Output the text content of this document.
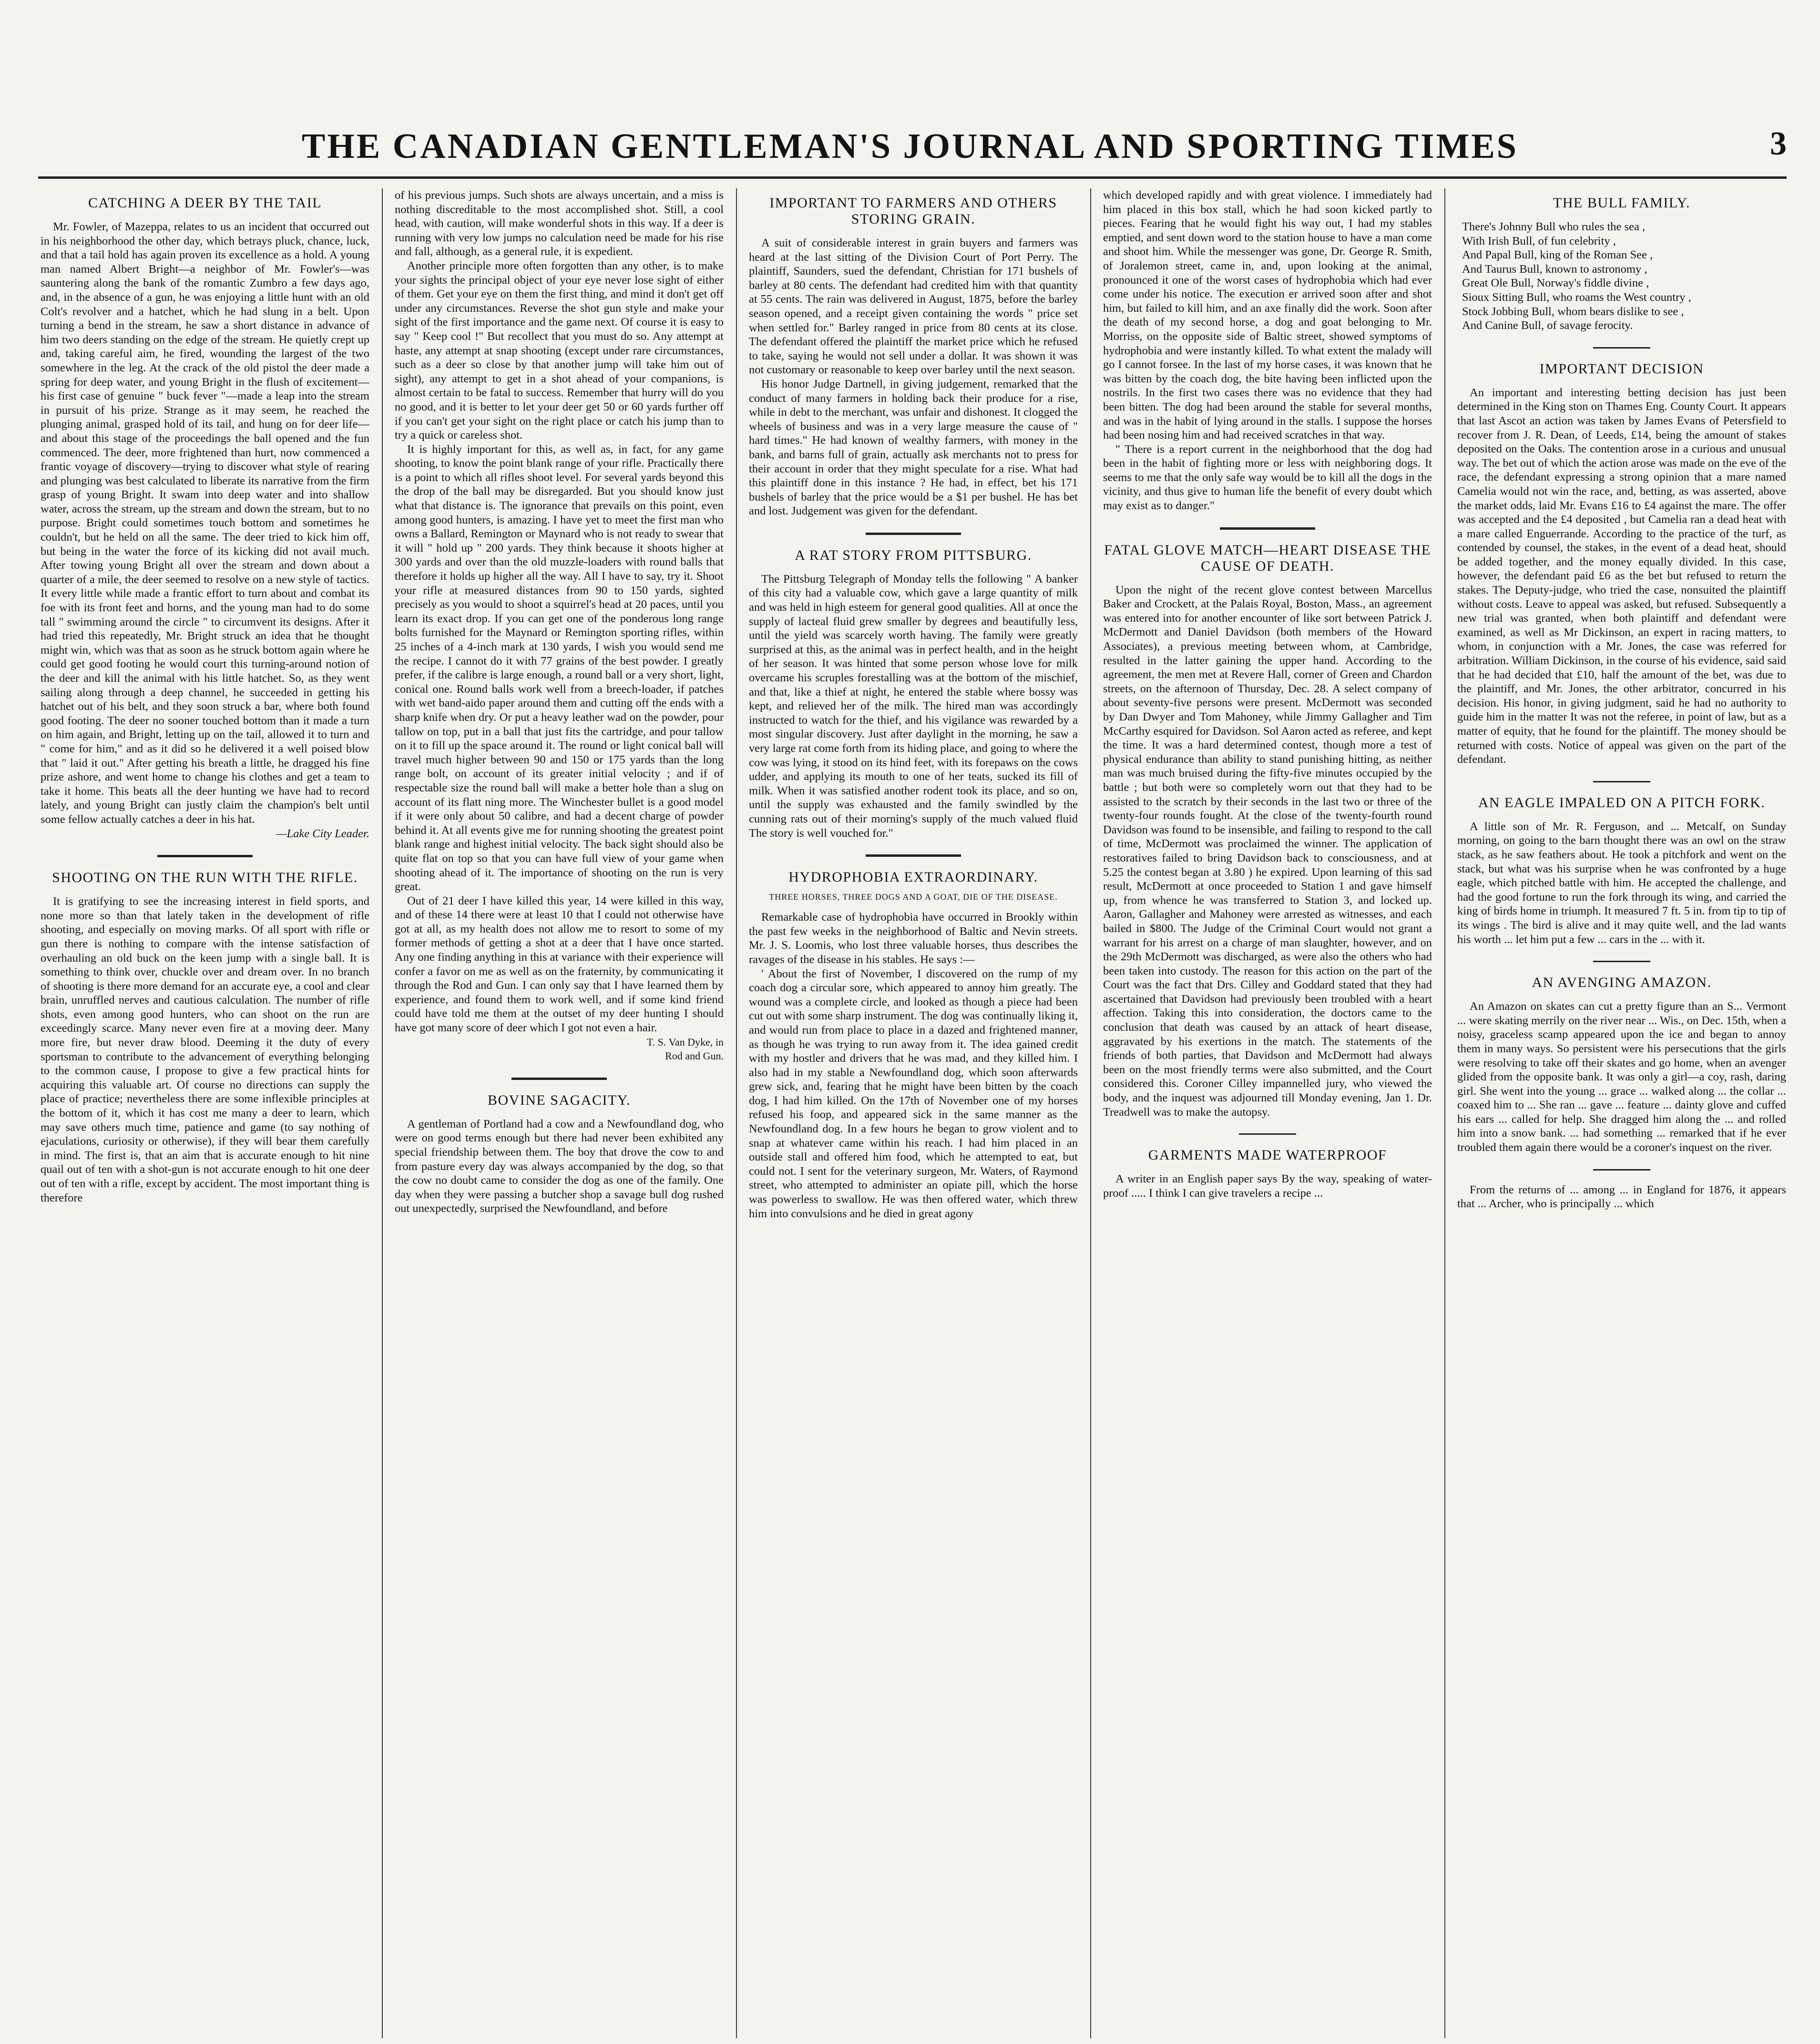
THE CANADIAN GENTLEMAN'S JOURNAL AND SPORTING TIMES	3
CATCHING A DEER BY THE TAIL

Mr. Fowler, of Mazeppa, relates to us an incident that occurred out in his neighborhood the other day, which betrays pluck, chance, luck, and that a tail hold has again proven its excellence as a hold. A young man named Albert Bright—a neighbor of Mr. Fowler's—was sauntering along the bank of the romantic Zumbro a few days ago, and, in the absence of a gun, he was enjoying a little hunt with an old Colt's revolver and a hatchet, which he had slung in a belt. Upon turning a bend in the stream, he saw a short distance in advance of him two deers standing on the edge of the stream. He quietly crept up and, taking careful aim, he fired, wounding the largest of the two somewhere in the leg. At the crack of the old pistol the deer made a spring for deep water, and young Bright in the flush of excitement—his first case of genuine " buck fever "—made a leap into the stream in pursuit of his prize. Strange as it may seem, he reached the plunging animal, grasped hold of its tail, and hung on for deer life—and about this stage of the proceedings the ball opened and the fun commenced. The deer, more frightened than hurt, now commenced a frantic voyage of discovery—trying to discover what style of rearing and plunging was best calculated to liberate its narrative from the firm grasp of young Bright. It swam into deep water and into shallow water, across the stream, up the stream and down the stream, but to no purpose. Bright could sometimes touch bottom and sometimes he couldn't, but he held on all the same. The deer tried to kick him off, but being in the water the force of its kicking did not avail much. After towing young Bright all over the stream and down about a quarter of a mile, the deer seemed to resolve on a new style of tactics. It every little while made a frantic effort to turn about and combat its foe with its front feet and horns, and the young man had to do some tall " swimming around the circle " to circumvent its designs. After it had tried this repeatedly, Mr. Bright struck an idea that he thought might win, which was that as soon as he struck bottom again where he could get good footing he would court this turning-around notion of the deer and kill the animal with his little hatchet. So, as they went sailing along through a deep channel, he succeeded in getting his hatchet out of his belt, and they soon struck a bar, where both found good footing. The deer no sooner touched bottom than it made a turn on him again, and Bright, letting up on the tail, allowed it to turn and " come for him," and as it did so he delivered it a well poised blow that " laid it out." After getting his breath a little, he dragged his fine prize ashore, and went home to change his clothes and get a team to take it home. This beats all the deer hunting we have had to record lately, and young Bright can justly claim the champion's belt until some fellow actually catches a deer in his hat.

—Lake City Leader.

SHOOTING ON THE RUN WITH THE RIFLE.

It is gratifying to see the increasing interest in field sports, and none more so than that lately taken in the development of rifle shooting, and especially on moving marks. Of all sport with rifle or gun there is nothing to compare with the intense satisfaction of overhauling an old buck on the keen jump with a single ball. It is something to think over, chuckle over and dream over. In no branch of shooting is there more demand for an accurate eye, a cool and clear brain, unruffled nerves and cautious calculation. The number of rifle shots, even among good hunters, who can shoot on the run are exceedingly scarce. Many never even fire at a moving deer. Many more fire, but never draw blood. Deeming it the duty of every sportsman to contribute to the advancement of everything belonging to the common cause, I propose to give a few practical hints for acquiring this valuable art. Of course no directions can supply the place of practice; nevertheless there are some inflexible principles at the bottom of it, which it has cost me many a deer to learn, which may save others much time, patience and game (to say nothing of ejaculations, curiosity or otherwise), if they will bear them carefully in mind. The first is, that an aim that is accurate enough to hit nine quail out of ten with a shot-gun is not accurate enough to hit one deer out of ten with a rifle, except by accident. The most important thing is therefore

of his previous jumps. Such shots are always uncertain, and a miss is nothing discreditable to the most accomplished shot. Still, a cool head, with caution, will make wonderful shots in this way. If a deer is running with very low jumps no calculation need be made for his rise and fall, although, as a general rule, it is expedient.

Another principle more often forgotten than any other, is to make your sights the principal object of your eye never lose sight of either of them. Get your eye on them the first thing, and mind it don't get off under any circumstances. Reverse the shot gun style and make your sight of the first importance and the game next. Of course it is easy to say " Keep cool !" But recollect that you must do so. Any attempt at haste, any attempt at snap shooting (except under rare circumstances, such as a deer so close by that another jump will take him out of sight), any attempt to get in a shot ahead of your companions, is almost certain to be fatal to success. Remember that hurry will do you no good, and it is better to let your deer get 50 or 60 yards further off if you can't get your sight on the right place or catch his jump than to try a quick or careless shot.

It is highly important for this, as well as, in fact, for any game shooting, to know the point blank range of your rifle. Practically there is a point to which all rifles shoot level. For several yards beyond this the drop of the ball may be disregarded. But you should know just what that distance is. The ignorance that prevails on this point, even among good hunters, is amazing. I have yet to meet the first man who owns a Ballard, Remington or Maynard who is not ready to swear that it will " hold up " 200 yards. They think because it shoots higher at 300 yards and over than the old muzzle-loaders with round balls that therefore it holds up higher all the way. All I have to say, try it. Shoot your rifle at measured distances from 90 to 150 yards, sighted precisely as you would to shoot a squirrel's head at 20 paces, until you learn its exact drop. If you can get one of the ponderous long range bolts furnished for the Maynard or Remington sporting rifles, within 25 inches of a 4-inch mark at 130 yards, I wish you would send me the recipe. I cannot do it with 77 grains of the best powder. I greatly prefer, if the calibre is large enough, a round ball or a very short, light, conical one. Round balls work well from a breech-loader, if patches with wet band-aido paper around them and cutting off the ends with a sharp knife when dry. Or put a heavy leather wad on the powder, pour tallow on top, put in a ball that just fits the cartridge, and pour tallow on it to fill up the space around it. The round or light conical ball will travel much higher between 90 and 150 or 175 yards than the long range bolt, on account of its greater initial velocity ; and if of respectable size the round ball will make a better hole than a slug on account of its flatt ning more. The Winchester bullet is a good model if it were only about 50 calibre, and had a decent charge of powder behind it. At all events give me for running shooting the greatest point blank range and highest initial velocity. The back sight should also be quite flat on top so that you can have full view of your game when shooting ahead of it. The importance of shooting on the run is very great.

Out of 21 deer I have killed this year, 14 were killed in this way, and of these 14 there were at least 10 that I could not otherwise have got at all, as my health does not allow me to resort to some of my former methods of getting a shot at a deer that I have once started. Any one finding anything in this at variance with their experience will confer a favor on me as well as on the fraternity, by communicating it through the Rod and Gun. I can only say that I have learned them by experience, and found them to work well, and if some kind friend could have told me them at the outset of my deer hunting I should have got many score of deer which I got not even a hair.

T. S. Van Dyke, in
Rod and Gun.

BOVINE SAGACITY.

A gentleman of Portland had a cow and a Newfoundland dog, who were on good terms enough but there had never been exhibited any special friendship between them. The boy that drove the cow to and from pasture every day was always accompanied by the dog, so that the cow no doubt came to consider the dog as one of the family. One day when they were passing a butcher shop a savage bull dog rushed out unexpectedly, surprised the Newfoundland, and before

IMPORTANT TO FARMERS AND OTHERS STORING GRAIN.

A suit of considerable interest in grain buyers and farmers was heard at the last sitting of the Division Court of Port Perry. The plaintiff, Saunders, sued the defendant, Christian for 171 bushels of barley at 80 cents. The defendant had credited him with that quantity at 55 cents. The rain was delivered in August, 1875, before the barley season opened, and a receipt given containing the words " price set when settled for." Barley ranged in price from 80 cents at its close. The defendant offered the plaintiff the market price which he refused to take, saying he would not sell under a dollar. It was shown it was not customary or reasonable to keep over barley until the next season.

His honor Judge Dartnell, in giving judgement, remarked that the conduct of many farmers in holding back their produce for a rise, while in debt to the merchant, was unfair and dishonest. It clogged the wheels of business and was in a very large measure the cause of " hard times." He had known of wealthy farmers, with money in the bank, and barns full of grain, actually ask merchants not to press for their account in order that they might speculate for a rise. What had this plaintiff done in this instance ? He had, in effect, bet his 171 bushels of barley that the price would be a $1 per bushel. He has bet and lost. Judgement was given for the defendant.

A RAT STORY FROM PITTSBURG.

The Pittsburg Telegraph of Monday tells the following " A banker of this city had a valuable cow, which gave a large quantity of milk and was held in high esteem for general good qualities. All at once the supply of lacteal fluid grew smaller by degrees and beautifully less, until the yield was scarcely worth having. The family were greatly surprised at this, as the animal was in perfect health, and in the height of her season. It was hinted that some person whose love for milk overcame his scruples forestalling was at the bottom of the mischief, and that, like a thief at night, he entered the stable where bossy was kept, and relieved her of the milk. The hired man was accordingly instructed to watch for the thief, and his vigilance was rewarded by a most singular discovery. Just after daylight in the morning, he saw a very large rat come forth from its hiding place, and going to where the cow was lying, it stood on its hind feet, with its forepaws on the cows udder, and applying its mouth to one of her teats, sucked its fill of milk. When it was satisfied another rodent took its place, and so on, until the supply was exhausted and the family swindled by the cunning rats out of their morning's supply of the much valued fluid The story is well vouched for."

HYDROPHOBIA EXTRAORDINARY.
THREE HORSES, THREE DOGS AND A GOAT, DIE OF THE DISEASE.

Remarkable case of hydrophobia have occurred in Brookly within the past few weeks in the neighborhood of Baltic and Nevin streets. Mr. J. S. Loomis, who lost three valuable horses, thus describes the ravages of the disease in his stables. He says :—

' About the first of November, I discovered on the rump of my coach dog a circular sore, which appeared to annoy him greatly. The wound was a complete circle, and looked as though a piece had been cut out with some sharp instrument. The dog was continually liking it, and would run from place to place in a dazed and frightened manner, as though he was trying to run away from it. The idea gained credit with my hostler and drivers that he was mad, and they killed him. I also had in my stable a Newfoundland dog, which soon afterwards grew sick, and, fearing that he might have been bitten by the coach dog, I had him killed. On the 17th of November one of my horses refused his foop, and appeared sick in the same manner as the Newfoundland dog. In a few hours he began to grow violent and to snap at whatever came within his reach. I had him placed in an outside stall and offered him food, which he attempted to eat, but could not. I sent for the veterinary surgeon, Mr. Waters, of Raymond street, who attempted to administer an opiate pill, which the horse was powerless to swallow. He was then offered water, which threw him into convulsions and he died in great agony

which developed rapidly and with great violence. I immediately had him placed in this box stall, which he had soon kicked partly to pieces. Fearing that he would fight his way out, I had my stables emptied, and sent down word to the station house to have a man come and shoot him. While the messenger was gone, Dr. George R. Smith, of Joralemon street, came in, and, upon looking at the animal, pronounced it one of the worst cases of hydrophobia which had ever come under his notice. The execution er arrived soon after and shot him, but failed to kill him, and an axe finally did the work. Soon after the death of my second horse, a dog and goat belonging to Mr. Morriss, on the opposite side of Baltic street, showed symptoms of hydrophobia and were instantly killed. To what extent the malady will go I cannot forsee. In the last of my horse cases, it was known that he was bitten by the coach dog, the bite having been inflicted upon the nostrils. In the first two cases there was no evidence that they had been bitten. The dog had been around the stable for several months, and was in the habit of lying around in the stalls. I suppose the horses had been nosing him and had received scratches in that way.

" There is a report current in the neighborhood that the dog had been in the habit of fighting more or less with neighboring dogs. It seems to me that the only safe way would be to kill all the dogs in the vicinity, and thus give to human life the benefit of every doubt which may exist as to danger."

FATAL GLOVE MATCH—HEART DISEASE THE CAUSE OF DEATH.

Upon the night of the recent glove contest between Marcellus Baker and Crockett, at the Palais Royal, Boston, Mass., an agreement was entered into for another encounter of like sort between Patrick J. McDermott and Daniel Davidson (both members of the Howard Associates), a previous meeting between whom, at Cambridge, resulted in the latter gaining the upper hand. According to the agreement, the men met at Revere Hall, corner of Green and Chardon streets, on the afternoon of Thursday, Dec. 28. A select company of about seventy-five persons were present. McDermott was seconded by Dan Dwyer and Tom Mahoney, while Jimmy Gallagher and Tim McCarthy esquired for Davidson. Sol Aaron acted as referee, and kept the time. It was a hard determined contest, though more a test of physical endurance than ability to stand punishing hitting, as neither man was much bruised during the fifty-five minutes occupied by the battle ; but both were so completely worn out that they had to be assisted to the scratch by their seconds in the last two or three of the twenty-four rounds fought. At the close of the twenty-fourth round Davidson was found to be insensible, and failing to respond to the call of time, McDermott was proclaimed the winner. The application of restoratives failed to bring Davidson back to consciousness, and at 5.25 the contest began at 3.80 ) he expired. Upon learning of this sad result, McDermott at once proceeded to Station 1 and gave himself up, from whence he was transferred to Station 3, and locked up. Aaron, Gallagher and Mahoney were arrested as witnesses, and each bailed in $800. The Judge of the Criminal Court would not grant a warrant for his arrest on a charge of man slaughter, however, and on the 29th McDermott was discharged, as were also the others who had been taken into custody. The reason for this action on the part of the Court was the fact that Drs. Cilley and Goddard stated that they had ascertained that Davidson had previously been troubled with a heart affection. Taking this into consideration, the doctors came to the conclusion that death was caused by an attack of heart disease, aggravated by his exertions in the match. The statements of the friends of both parties, that Davidson and McDermott had always been on the most friendly terms were also submitted, and the Court considered this. Coroner Cilley impannelled jury, who viewed the body, and the inquest was adjourned till Monday evening, Jan 1. Dr. Treadwell was to make the autopsy.

GARMENTS MADE WATERPROOF

A writer in an English paper says By the way, speaking of water-proof ..... I think I can give travelers a recipe ...

THE BULL FAMILY.
There's Johnny Bull who rules the sea ,
With Irish Bull, of fun celebrity ,
And Papal Bull, king of the Roman See ,
And Taurus Bull, known to astronomy ,
Great Ole Bull, Norway's fiddle divine ,
Sioux Sitting Bull, who roams the West country ,
Stock Jobbing Bull, whom bears dislike to see ,
And Canine Bull, of savage ferocity.
IMPORTANT DECISION

An important and interesting betting decision has just been determined in the King ston on Thames Eng. County Court. It appears that last Ascot an action was taken by James Evans of Petersfield to recover from J. R. Dean, of Leeds, £14, being the amount of stakes deposited on the Oaks. The contention arose in a curious and unusual way. The bet out of which the action arose was made on the eve of the race, the defendant expressing a strong opinion that a mare named Camelia would not win the race, and, betting, as was asserted, above the market odds, laid Mr. Evans £16 to £4 against the mare. The offer was accepted and the £4 deposited , but Camelia ran a dead heat with a mare called Enguerrande. According to the practice of the turf, as contended by counsel, the stakes, in the event of a dead heat, should be added together, and the money equally divided. In this case, however, the defendant paid £6 as the bet but refused to return the stakes. The Deputy-judge, who tried the case, nonsuited the plaintiff without costs. Leave to appeal was asked, but refused. Subsequently a new trial was granted, when both plaintiff and defendant were examined, as well as Mr Dickinson, an expert in racing matters, to whom, in conjunction with a Mr. Jones, the case was referred for arbitration. William Dickinson, in the course of his evidence, said said that he had decided that £10, half the amount of the bet, was due to the plaintiff, and Mr. Jones, the other arbitrator, concurred in his decision. His honor, in giving judgment, said he had no authority to guide him in the matter It was not the referee, in point of law, but as a matter of equity, that he found for the plaintiff. The money should be returned with costs. Notice of appeal was given on the part of the defendant.

AN EAGLE IMPALED ON A PITCH FORK.

A little son of Mr. R. Ferguson, and ... Metcalf, on Sunday morning, on going to the barn thought there was an owl on the straw stack, as he saw feathers about. He took a pitchfork and went on the stack, but what was his surprise when he was confronted by a huge eagle, which pitched battle with him. He accepted the challenge, and had the good fortune to run the fork through its wing, and carried the king of birds home in triumph. It measured 7 ft. 5 in. from tip to tip of its wings . The bird is alive and it may quite well, and the lad wants his worth ... let him put a few ... cars in the ... with it.

AN AVENGING AMAZON.

An Amazon on skates can cut a pretty figure than an S... Vermont ... were skating merrily on the river near ... Wis., on Dec. 15th, when a noisy, graceless scamp appeared upon the ice and began to annoy them in many ways. So persistent were his persecutions that the girls were resolving to take off their skates and go home, when an avenger glided from the opposite bank. It was only a girl—a coy, rash, daring girl. She went into the young ... grace ... walked along ... the collar ... coaxed him to ... She ran ... gave ... feature ... dainty glove and cuffed his ears ... called for help. She dragged him along the ... and rolled him into a snow bank. ... had something ... remarked that if he ever troubled them again there would be a coroner's inquest on the river.

From the returns of ... among ... in England for 1876, it appears that ... Archer, who is principally ... which
